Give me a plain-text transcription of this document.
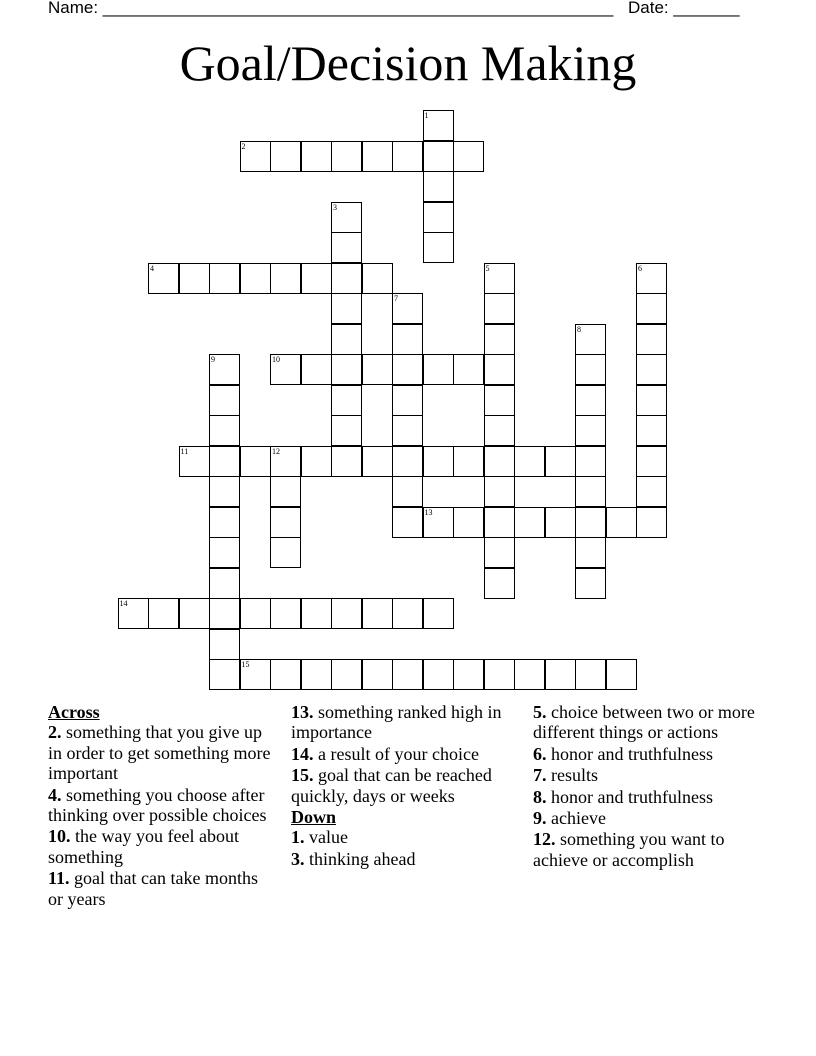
Name: ______________________________________________________ Date: _______
Goal/Decision Making
1
2
3
4	5	6
7
8
9	10
11	12
13
14
15
Across
2. something that you give up in order to get something more important
4. something you choose after thinking over possible choices
10. the way you feel about something
11. goal that can take months or years
13. something ranked high in importance
14. a result of your choice
15. goal that can be reached quickly, days or weeks
Down
1. value
3. thinking ahead
5. choice between two or more different things or actions
6. honor and truthfulness
7. results
8. honor and truthfulness
9. achieve
12. something you want to achieve or accomplish
